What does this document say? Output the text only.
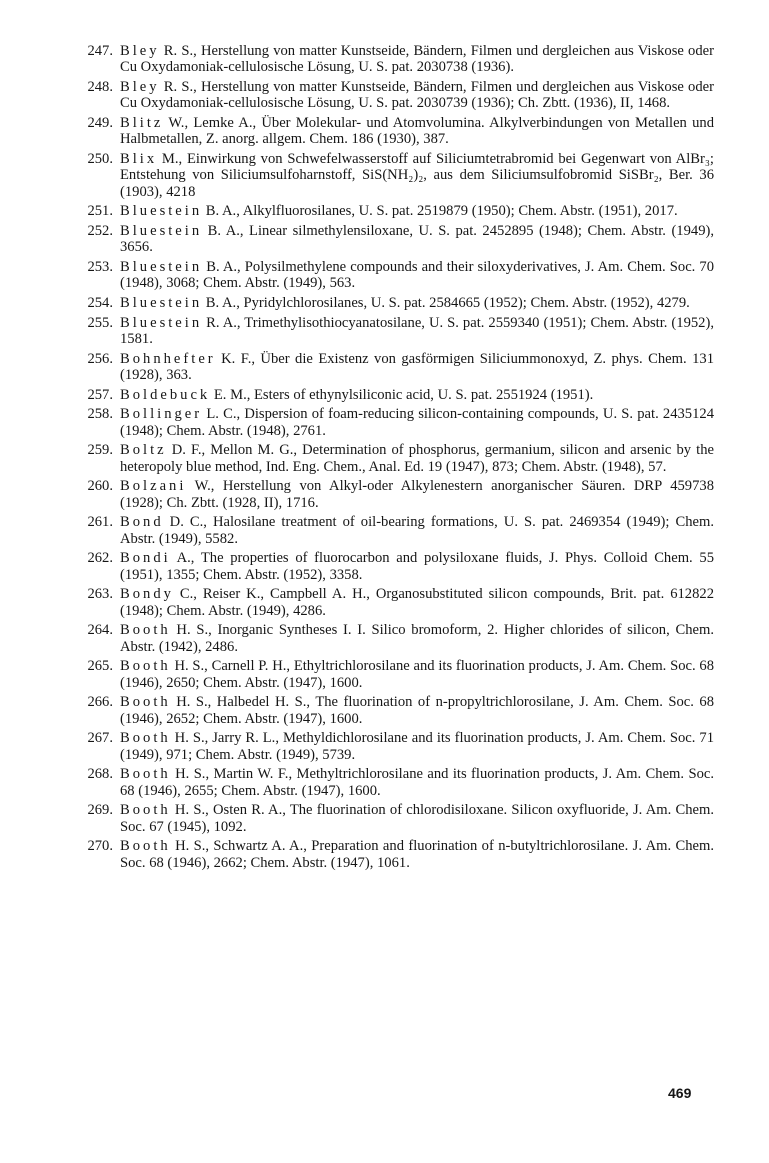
247. Bley R. S., Herstellung von matter Kunstseide, Bändern, Filmen und dergleichen aus Viskose oder Cu Oxydamoniak-cellulosische Lösung, U. S. pat. 2030738 (1936).
248. Bley R. S., Herstellung von matter Kunstseide, Bändern, Filmen und dergleichen aus Viskose oder Cu Oxydamoniak-cellulosische Lösung, U. S. pat. 2030739 (1936); Ch. Zbtt. (1936), II, 1468.
249. Blitz W., Lemke A., Über Molekular- und Atomvolumina. Alkylverbindungen von Metallen und Halbmetallen, Z. anorg. allgem. Chem. 186 (1930), 387.
250. Blix M., Einwirkung von Schwefelwasserstoff auf Siliciumtetrabromid bei Gegenwart von AlBr₃; Entstehung von Siliciumsulfoharnstoff, SiS(NH₂)₂, aus dem Siliciumsulfobromid SiSBr₂, Ber. 36 (1903), 4218
251. Bluestein B. A., Alkylfluorosilanes, U. S. pat. 2519879 (1950); Chem. Abstr. (1951), 2017.
252. Bluestein B. A., Linear silmethylensiloxane, U. S. pat. 2452895 (1948); Chem. Abstr. (1949), 3656.
253. Bluestein B. A., Polysilmethylene compounds and their siloxyderivatives, J. Am. Chem. Soc. 70 (1948), 3068; Chem. Abstr. (1949), 563.
254. Bluestein B. A., Pyridylchlorosilanes, U. S. pat. 2584665 (1952); Chem. Abstr. (1952), 4279.
255. Bluestein R. A., Trimethylisothiocyanatosilane, U. S. pat. 2559340 (1951); Chem. Abstr. (1952), 1581.
256. Bohnhefter K. F., Über die Existenz von gasförmigen Siliciummonoxyd, Z. phys. Chem. 131 (1928), 363.
257. Boldebuck E. M., Esters of ethynylsiliconic acid, U. S. pat. 2551924 (1951).
258. Bollinger L. C., Dispersion of foam-reducing silicon-containing compounds, U. S. pat. 2435124 (1948); Chem. Abstr. (1948), 2761.
259. Boltz D. F., Mellon M. G., Determination of phosphorus, germanium, silicon and arsenic by the heteropoly blue method, Ind. Eng. Chem., Anal. Ed. 19 (1947), 873; Chem. Abstr. (1948), 57.
260. Bolzani W., Herstellung von Alkyl-oder Alkylenestern anorganischer Säuren. DRP 459738 (1928); Ch. Zbtt. (1928, II), 1716.
261. Bond D. C., Halosilane treatment of oil-bearing formations, U. S. pat. 2469354 (1949); Chem. Abstr. (1949), 5582.
262. Bondi A., The properties of fluorocarbon and polysiloxane fluids, J. Phys. Colloid Chem. 55 (1951), 1355; Chem. Abstr. (1952), 3358.
263. Bondy C., Reiser K., Campbell A. H., Organosubstituted silicon compounds, Brit. pat. 612822 (1948); Chem. Abstr. (1949), 4286.
264. Booth H. S., Inorganic Syntheses I. I. Silico bromoform, 2. Higher chlorides of silicon, Chem. Abstr. (1942), 2486.
265. Booth H. S., Carnell P. H., Ethyltrichlorosilane and its fluorination products, J. Am. Chem. Soc. 68 (1946), 2650; Chem. Abstr. (1947), 1600.
266. Booth H. S., Halbedel H. S., The fluorination of n-propyltrichlorosilane, J. Am. Chem. Soc. 68 (1946), 2652; Chem. Abstr. (1947), 1600.
267. Booth H. S., Jarry R. L., Methyldichlorosilane and its fluorination products, J. Am. Chem. Soc. 71 (1949), 971; Chem. Abstr. (1949), 5739.
268. Booth H. S., Martin W. F., Methyltrichlorosilane and its fluorination products, J. Am. Chem. Soc. 68 (1946), 2655; Chem. Abstr. (1947), 1600.
269. Booth H. S., Osten R. A., The fluorination of chlorodisiloxane. Silicon oxyfluoride, J. Am. Chem. Soc. 67 (1945), 1092.
270. Booth H. S., Schwartz A. A., Preparation and fluorination of n-butyltrichlorosilane. J. Am. Chem. Soc. 68 (1946), 2662; Chem. Abstr. (1947), 1061.
469
